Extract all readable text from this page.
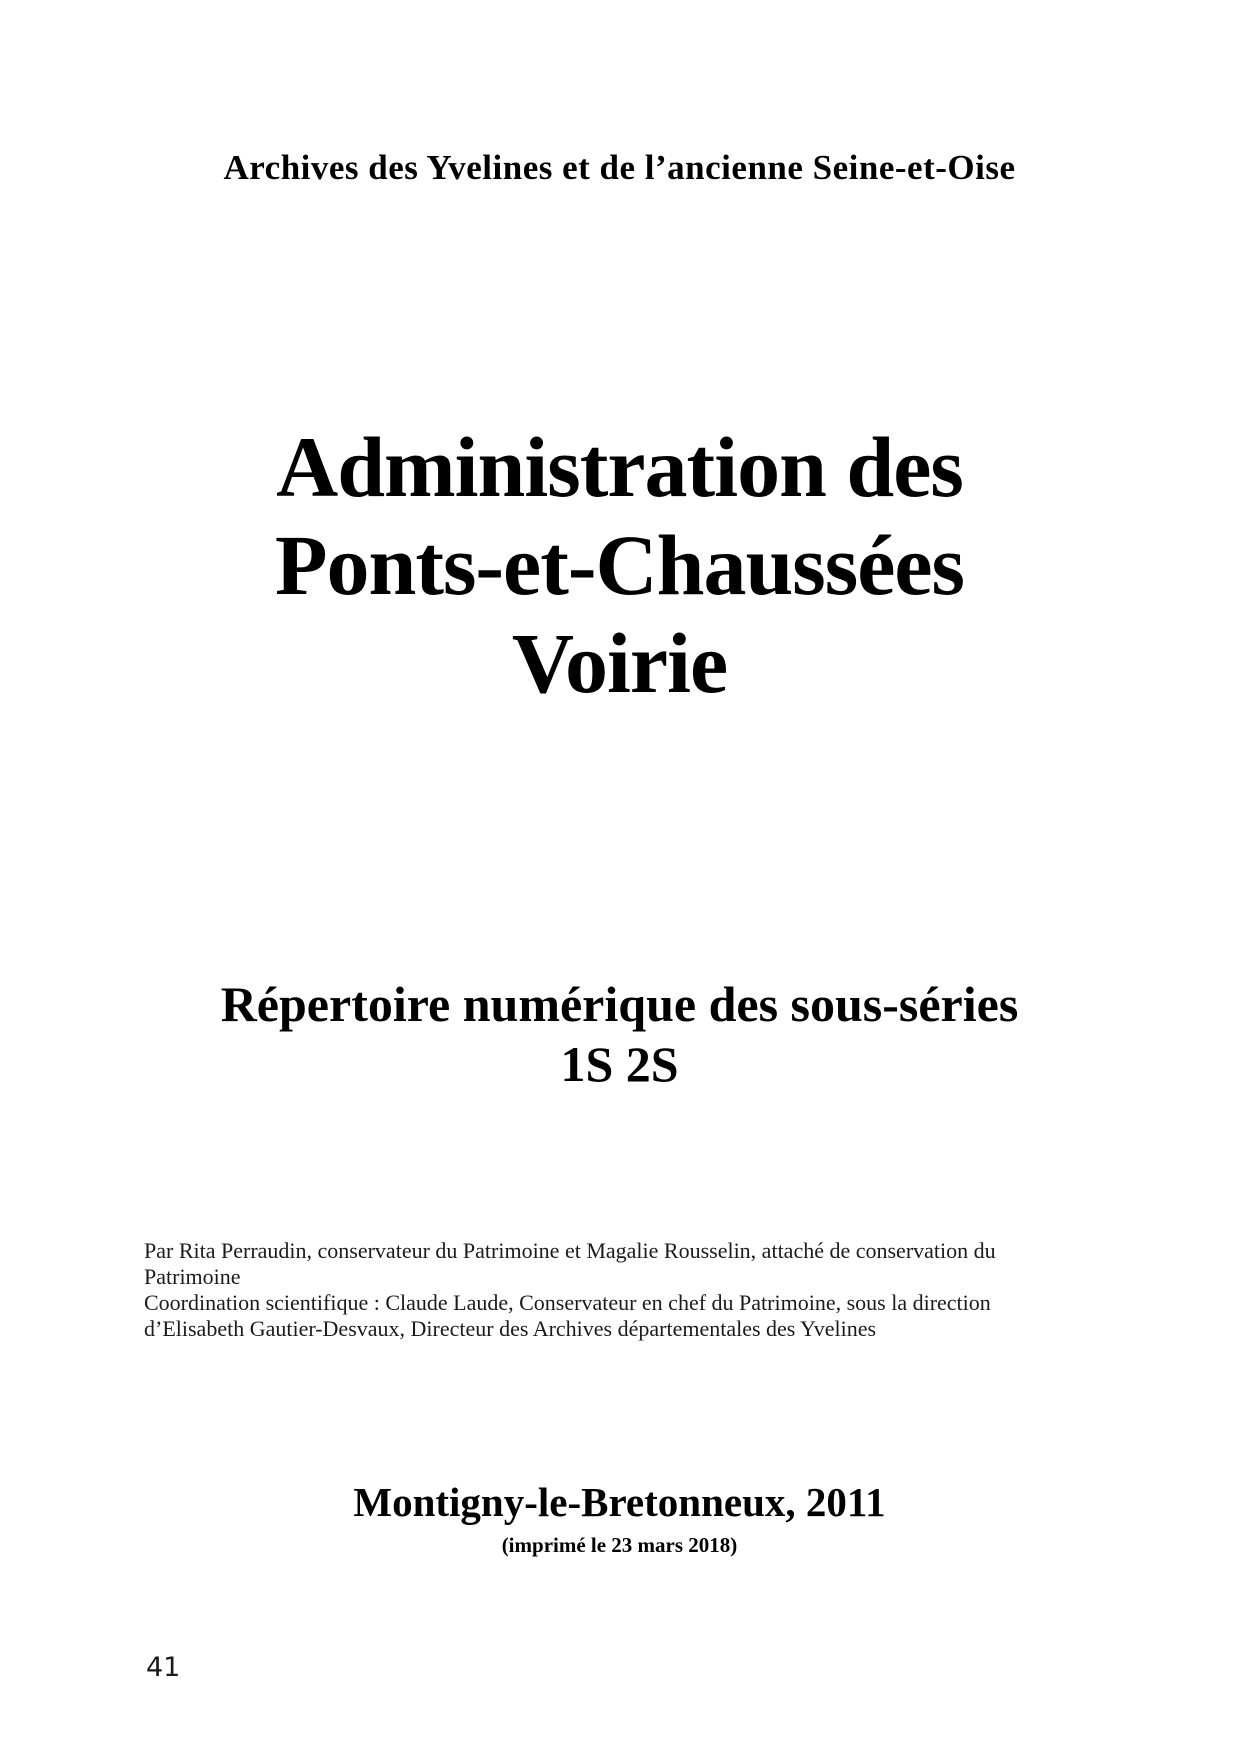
Archives des Yvelines et de l’ancienne Seine-et-Oise
Administration des
Ponts-et-Chaussées
Voirie
Répertoire numérique des sous-séries
1S 2S
Par Rita Perraudin, conservateur du Patrimoine et Magalie Rousselin, attaché de conservation du
Patrimoine
Coordination scientifique : Claude Laude, Conservateur en chef du Patrimoine, sous la direction
d’Elisabeth Gautier-Desvaux, Directeur des Archives départementales des Yvelines
Montigny-le-Bretonneux, 2011
(imprimé le 23 mars 2018)
41
